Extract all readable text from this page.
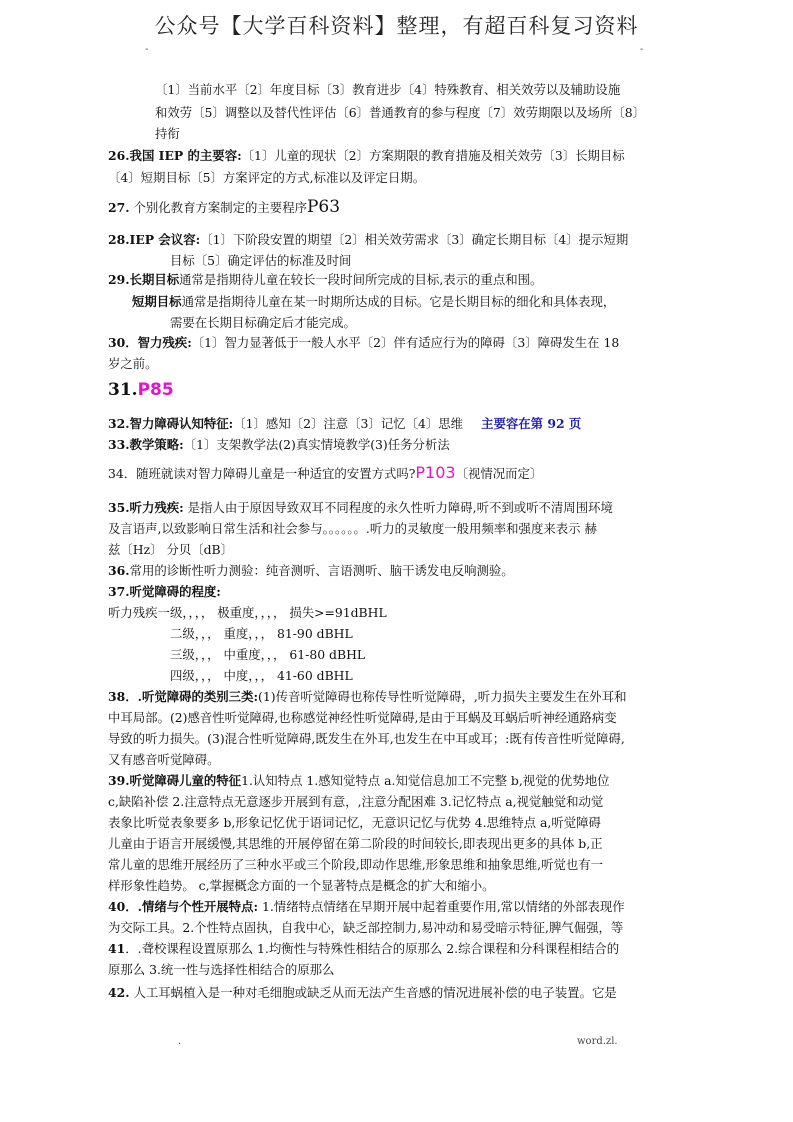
公众号【大学百科资料】整理，有超百科复习资料
-	-
〔1〕当前水平〔2〕年度目标〔3〕教育进步〔4〕特殊教育、相关效劳以及辅助设施
和效劳〔5〕调整以及替代性评估〔6〕普通教育的参与程度〔7〕效劳期限以及场所〔8〕
持衔
26.我国 IEP 的主要容:〔1〕儿童的现状〔2〕方案期限的教育措施及相关效劳〔3〕长期目标
〔4〕短期目标〔5〕方案评定的方式,标准以及评定日期。
27. 个别化教育方案制定的主要程序P63
28.IEP 会议容:〔1〕下阶段安置的期望〔2〕相关效劳需求〔3〕确定长期目标〔4〕提示短期
目标〔5〕确定评估的标准及时间
29.长期目标通常是指期待儿童在较长一段时间所完成的目标,表示的重点和围。
短期目标通常是指期待儿童在某一时期所达成的目标。它是长期目标的细化和具体表现，
需要在长期目标确定后才能完成。
30．智力残疾:〔1〕智力显著低于一般人水平〔2〕伴有适应行为的障碍〔3〕障碍发生在 18
岁之前。
31.P85
32.智力障碍认知特征:〔1〕感知〔2〕注意〔3〕记忆〔4〕思维 主要容在第 92 页
33.教学策略:〔1〕支架教学法(2)真实情境教学(3)任务分析法
34．随班就读对智力障碍儿童是一种适宜的安置方式吗?P103〔视情况而定〕
35.听力残疾: 是指人由于原因导致双耳不同程度的永久性听力障碍,听不到或听不清周围环境
及言语声,以致影响日常生活和社会参与。。。。。。.听力的灵敏度一般用频率和强度来表示 赫
兹〔Hz〕 分贝〔dB〕
36.常用的诊断性听力测验：纯音测听、言语测听、脑干诱发电反响测验。
37.听觉障碍的程度:
听力残疾一级，，，， 极重度，，，， 损失>=91dBHL
二级，，， 重度，，， 81-90 dBHL
三级，，， 中重度，，， 61-80 dBHL
四级，，， 中度，，， 41-60 dBHL
38．.听觉障碍的类别三类:(1)传音听觉障碍也称传导性听觉障碍，,听力损失主要发生在外耳和
中耳局部。(2)感音性听觉障碍,也称感觉神经性听觉障碍,是由于耳蜗及耳蜗后听神经通路病变
导致的听力损失。(3)混合性听觉障碍,既发生在外耳,也发生在中耳或耳；:既有传音性听觉障碍,
又有感音听觉障碍。
39.听觉障碍儿童的特征1.认知特点 1.感知觉特点 a.知觉信息加工不完整 b,视觉的优势地位
c,缺陷补偿 2.注意特点无意逐步开展到有意，,注意分配困难 3.记忆特点 a,视觉触觉和动觉
表象比听觉表象要多 b,形象记忆优于语词记忆，无意识记忆与优势 4.思维特点 a,听觉障碍
儿童由于语言开展缓慢,其思维的开展停留在第二阶段的时间较长,即表现出更多的具体 b,正
常儿童的思维开展经历了三种水平或三个阶段,即动作思维,形象思维和抽象思维,听觉也有一
样形象性趋势。 c,掌握概念方面的一个显著特点是概念的扩大和缩小。
40．.情绪与个性开展特点: 1.情绪特点情绪在早期开展中起着重要作用,常以情绪的外部表现作
为交际工具。2.个性特点固执，自我中心，缺乏部控制力,易冲动和易受暗示特征,脾气倔强，等
41．.聋校课程设置原那么 1.均衡性与特殊性相结合的原那么 2.综合课程和分科课程相结合的
原那么 3.统一性与选择性相结合的原那么
42. 人工耳蜗植入是一种对毛细胞或缺乏从而无法产生音感的情况进展补偿的电子装置。它是
.	word.zl.
